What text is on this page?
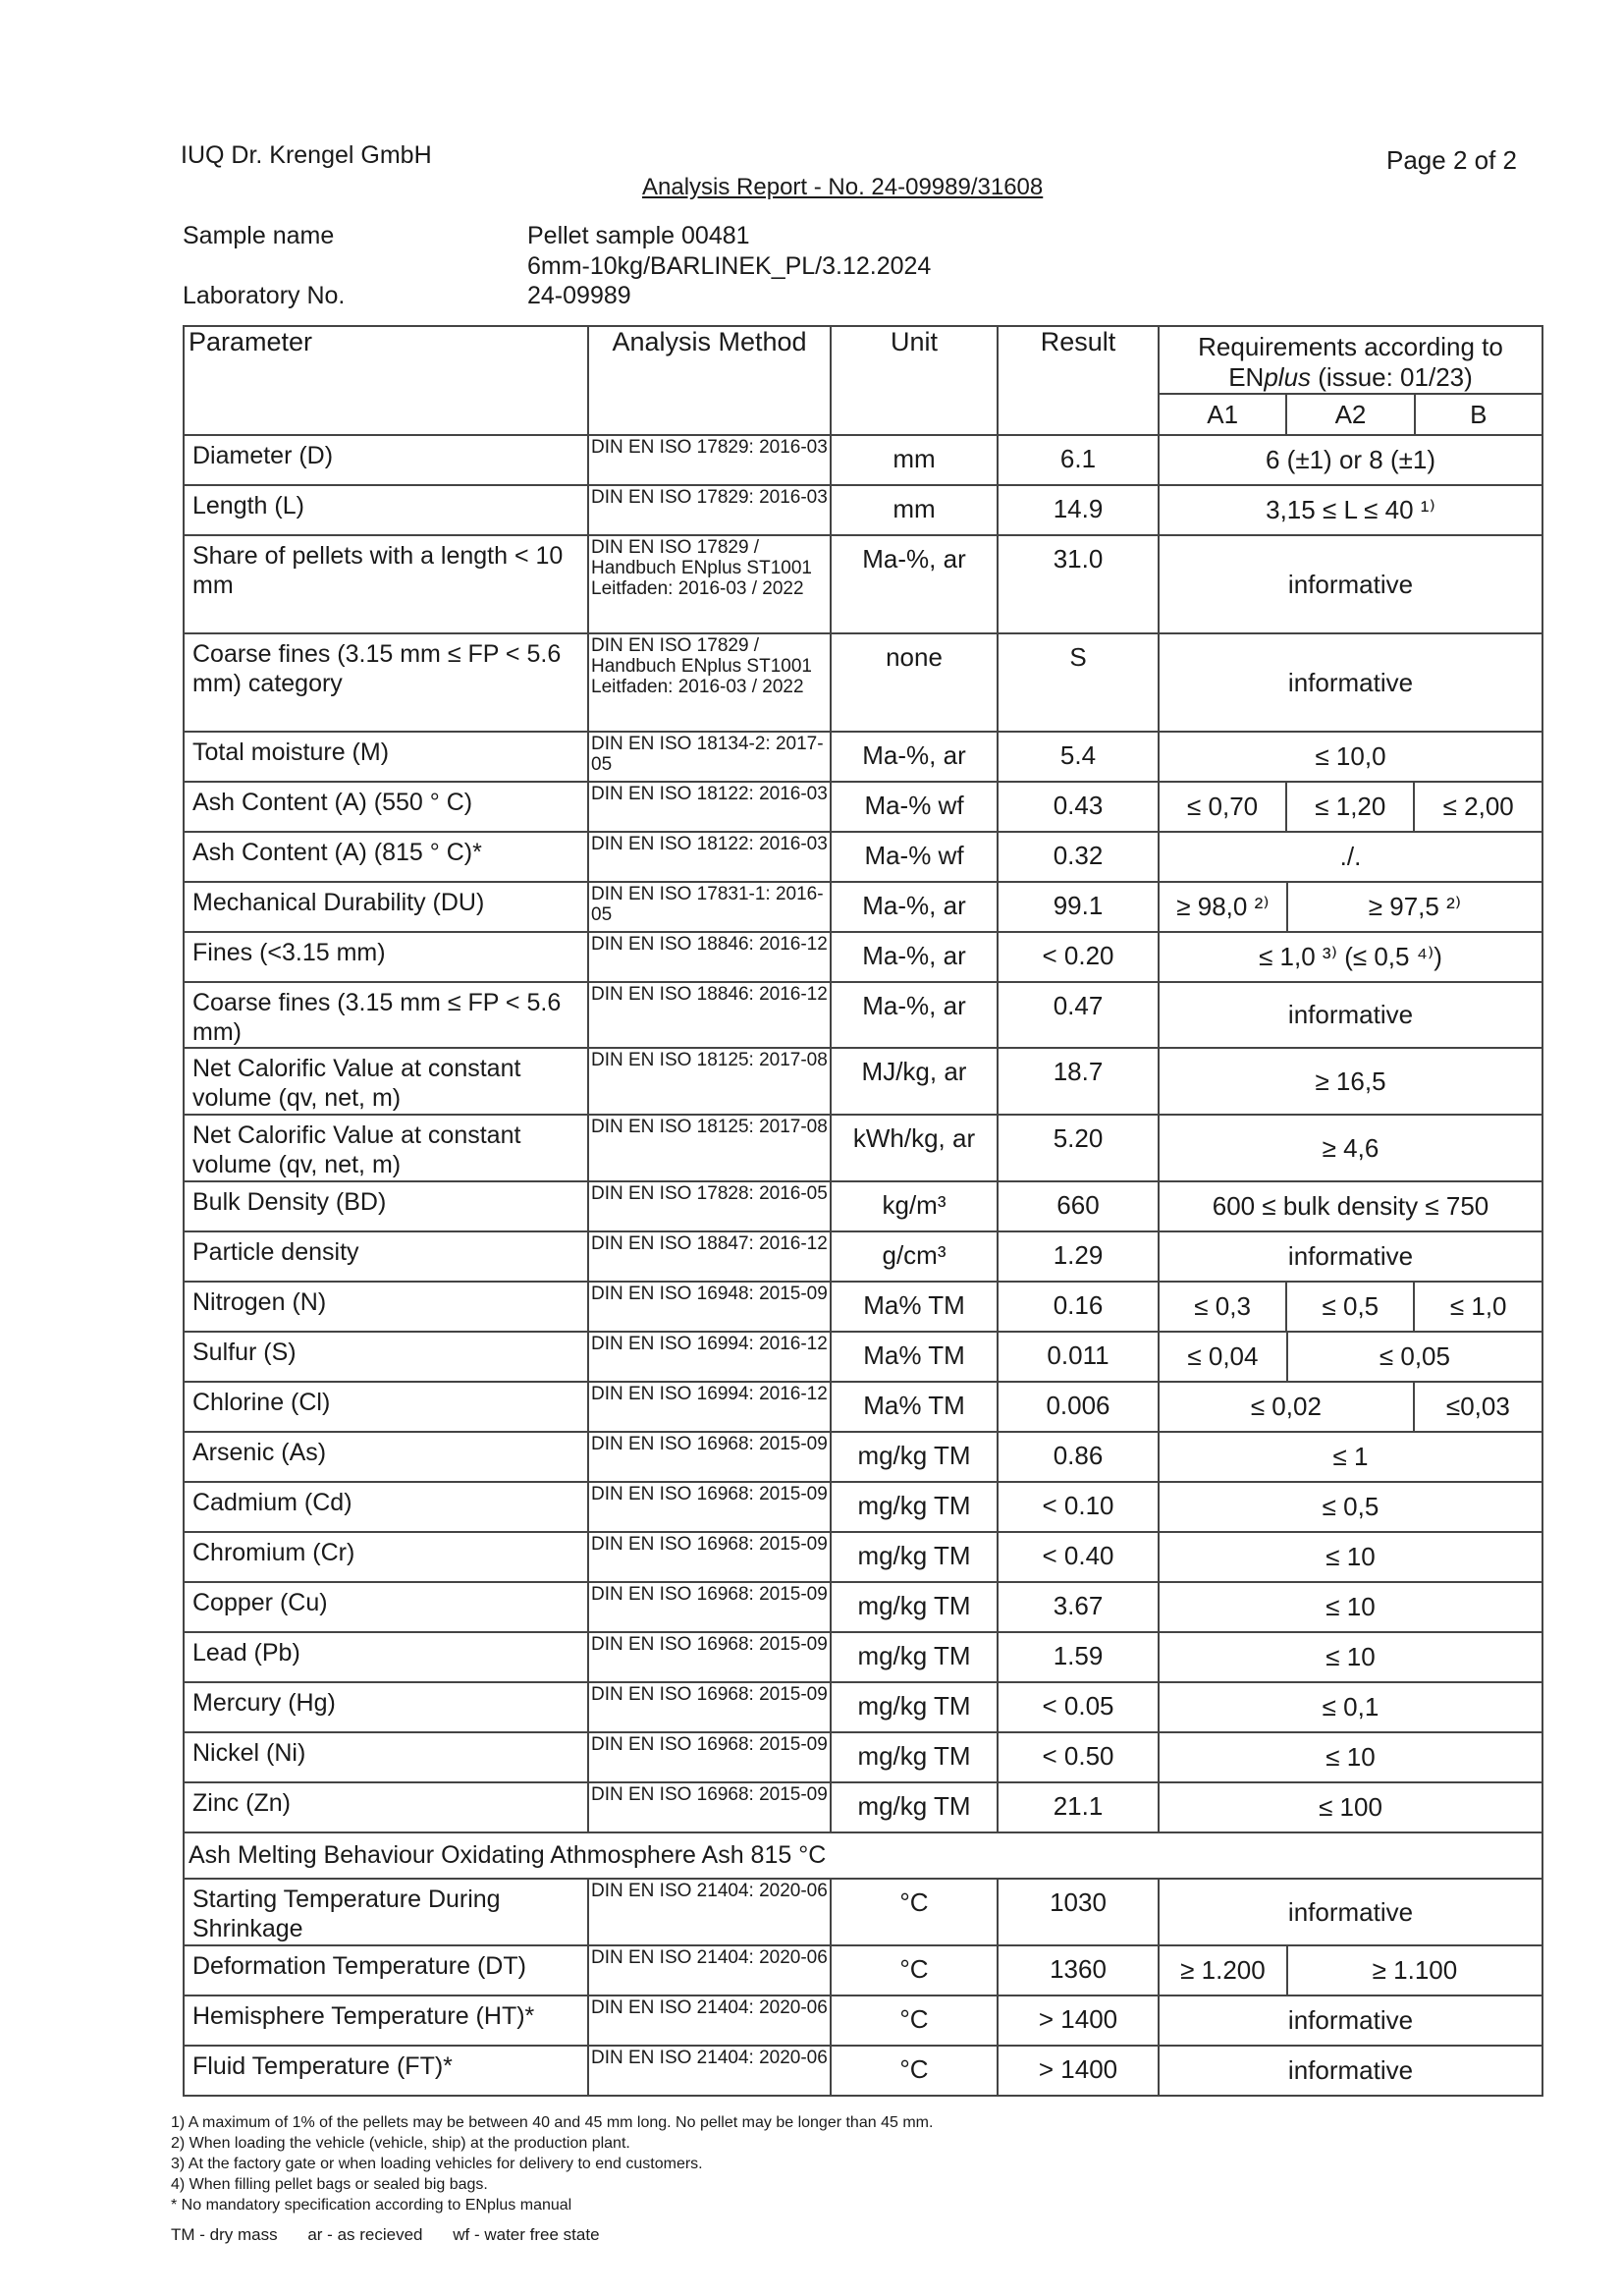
IUQ Dr. Krengel GmbH	Page 2 of 2
Analysis Report - No. 24-09989/31608
Sample name	Pellet sample 00481
6mm-10kg/BARLINEK_PL/3.12.2024
Laboratory No.	24-09989
Parameter	Analysis Method	Unit	Result	Requirements according to
ENplus (issue: 01/23)
A1 A2 B

Diameter (D)	DIN EN ISO 17829: 2016-03	mm	6.1	6 (±1) or 8 (±1)
Length (L)	DIN EN ISO 17829: 2016-03	mm	14.9	3,15 ≤ L ≤ 40 ¹⁾
Share of pellets with a length < 10 mm	DIN EN ISO 17829 / Handbuch ENplus ST1001 Leitfaden: 2016-03 / 2022	Ma-%, ar	31.0	informative
Coarse fines (3.15 mm ≤ FP < 5.6 mm) category	DIN EN ISO 17829 / Handbuch ENplus ST1001 Leitfaden: 2016-03 / 2022	none	S	informative
Total moisture (M)	DIN EN ISO 18134-2: 2017-05	Ma-%, ar	5.4	≤ 10,0
Ash Content (A) (550 ° C)	DIN EN ISO 18122: 2016-03	Ma-% wf	0.43	≤ 0,70 ≤ 1,20 ≤ 2,00

Ash Content (A) (815 ° C)*	DIN EN ISO 18122: 2016-03	Ma-% wf	0.32	./.
Mechanical Durability (DU)	DIN EN ISO 17831-1: 2016-05	Ma-%, ar	99.1	≥ 98,0 ²⁾ ≥ 97,5 ²⁾

Fines (<3.15 mm)	DIN EN ISO 18846: 2016-12	Ma-%, ar	< 0.20	≤ 1,0 ³⁾ (≤ 0,5 ⁴⁾)
Coarse fines (3.15 mm ≤ FP < 5.6 mm)	DIN EN ISO 18846: 2016-12	Ma-%, ar	0.47	informative
Net Calorific Value at constant volume (qv, net, m)	DIN EN ISO 18125: 2017-08	MJ/kg, ar	18.7	≥ 16,5
Net Calorific Value at constant volume (qv, net, m)	DIN EN ISO 18125: 2017-08	kWh/kg, ar	5.20	≥ 4,6
Bulk Density (BD)	DIN EN ISO 17828: 2016-05	kg/m³	660	600 ≤ bulk density ≤ 750
Particle density	DIN EN ISO 18847: 2016-12	g/cm³	1.29	informative
Nitrogen (N)	DIN EN ISO 16948: 2015-09	Ma% TM	0.16	≤ 0,3 ≤ 0,5 ≤ 1,0

Sulfur (S)	DIN EN ISO 16994: 2016-12	Ma% TM	0.011	≤ 0,04 ≤ 0,05

Chlorine (Cl)	DIN EN ISO 16994: 2016-12	Ma% TM	0.006	≤ 0,02 ≤0,03

Arsenic (As)	DIN EN ISO 16968: 2015-09	mg/kg TM	0.86	≤ 1
Cadmium (Cd)	DIN EN ISO 16968: 2015-09	mg/kg TM	< 0.10	≤ 0,5
Chromium (Cr)	DIN EN ISO 16968: 2015-09	mg/kg TM	< 0.40	≤ 10
Copper (Cu)	DIN EN ISO 16968: 2015-09	mg/kg TM	3.67	≤ 10
Lead (Pb)	DIN EN ISO 16968: 2015-09	mg/kg TM	1.59	≤ 10
Mercury (Hg)	DIN EN ISO 16968: 2015-09	mg/kg TM	< 0.05	≤ 0,1
Nickel (Ni)	DIN EN ISO 16968: 2015-09	mg/kg TM	< 0.50	≤ 10
Zinc (Zn)	DIN EN ISO 16968: 2015-09	mg/kg TM	21.1	≤ 100
Ash Melting Behaviour Oxidating Athmosphere Ash 815 °C				
Starting Temperature During Shrinkage	DIN EN ISO 21404: 2020-06	°C	1030	informative
Deformation Temperature (DT)	DIN EN ISO 21404: 2020-06	°C	1360	≥ 1.200 ≥ 1.100

Hemisphere Temperature (HT)*	DIN EN ISO 21404: 2020-06	°C	> 1400	informative
Fluid Temperature (FT)*	DIN EN ISO 21404: 2020-06	°C	> 1400	informative
1) A maximum of 1% of the pellets may be between 40 and 45 mm long. No pellet may be longer than 45 mm.
2) When loading the vehicle (vehicle, ship) at the production plant.
3) At the factory gate or when loading vehicles for delivery to end customers.
4) When filling pellet bags or sealed big bags.
* No mandatory specification according to ENplus manual
TM - dry mass ar - as recieved wf - water free state
